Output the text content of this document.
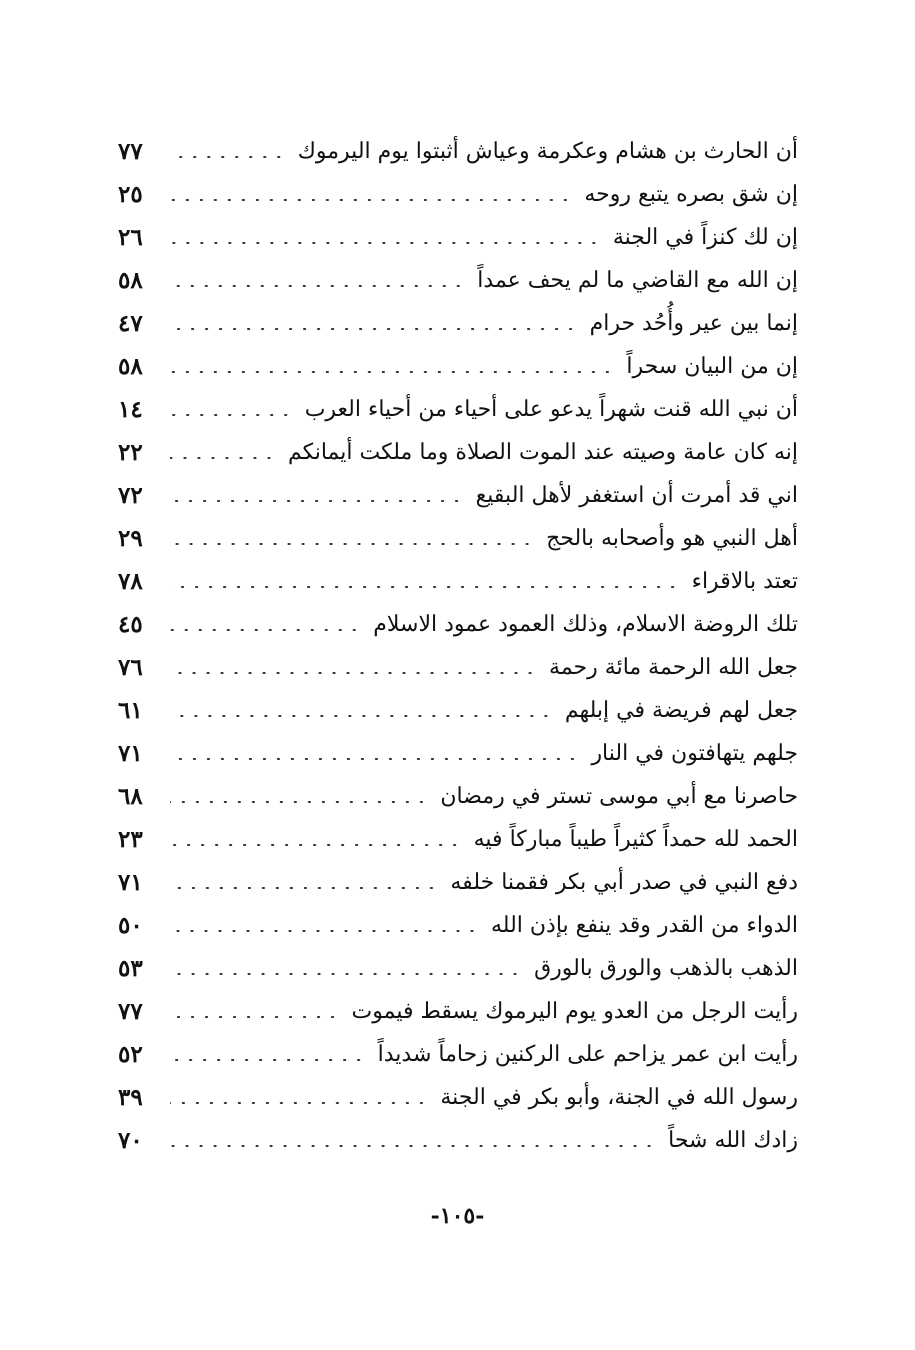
أن الحارث بن هشام وعكرمة وعياش أثبتوا يوم اليرموك
٧٧
إن شق بصره يتبع روحه
٢٥
إن لك كنزاً في الجنة
٢٦
إن الله مع القاضي ما لم يحف عمداً
٥٨
إنما بين عير وأُحُد حرام
٤٧
إن من البيان سحراً
٥٨
أن نبي الله قنت شهراً يدعو على أحياء من أحياء العرب
١٤
إنه كان عامة وصيته عند الموت الصلاة وما ملكت أيمانكم
٢٢
اني قد أمرت أن استغفر لأهل البقيع
٧٢
أهل النبي هو وأصحابه بالحج
٢٩
تعتد بالاقراء
٧٨
تلك الروضة الاسلام، وذلك العمود عمود الاسلام
٤٥
جعل الله الرحمة مائة رحمة
٧٦
جعل لهم فريضة في إبلهم
٦١
جلهم يتهافتون في النار
٧١
حاصرنا مع أبي موسى تستر في رمضان
٦٨
الحمد لله حمداً كثيراً طيباً مباركاً فيه
٢٣
دفع النبي في صدر أبي بكر فقمنا خلفه
٧١
الدواء من القدر وقد ينفع بإذن الله
٥٠
الذهب بالذهب والورق بالورق
٥٣
رأيت الرجل من العدو يوم اليرموك يسقط فيموت
٧٧
رأيت ابن عمر يزاحم على الركنين زحاماً شديداً
٥٢
رسول الله في الجنة، وأبو بكر في الجنة
٣٩
زادك الله شحاً
٧٠
-١٠٥-
